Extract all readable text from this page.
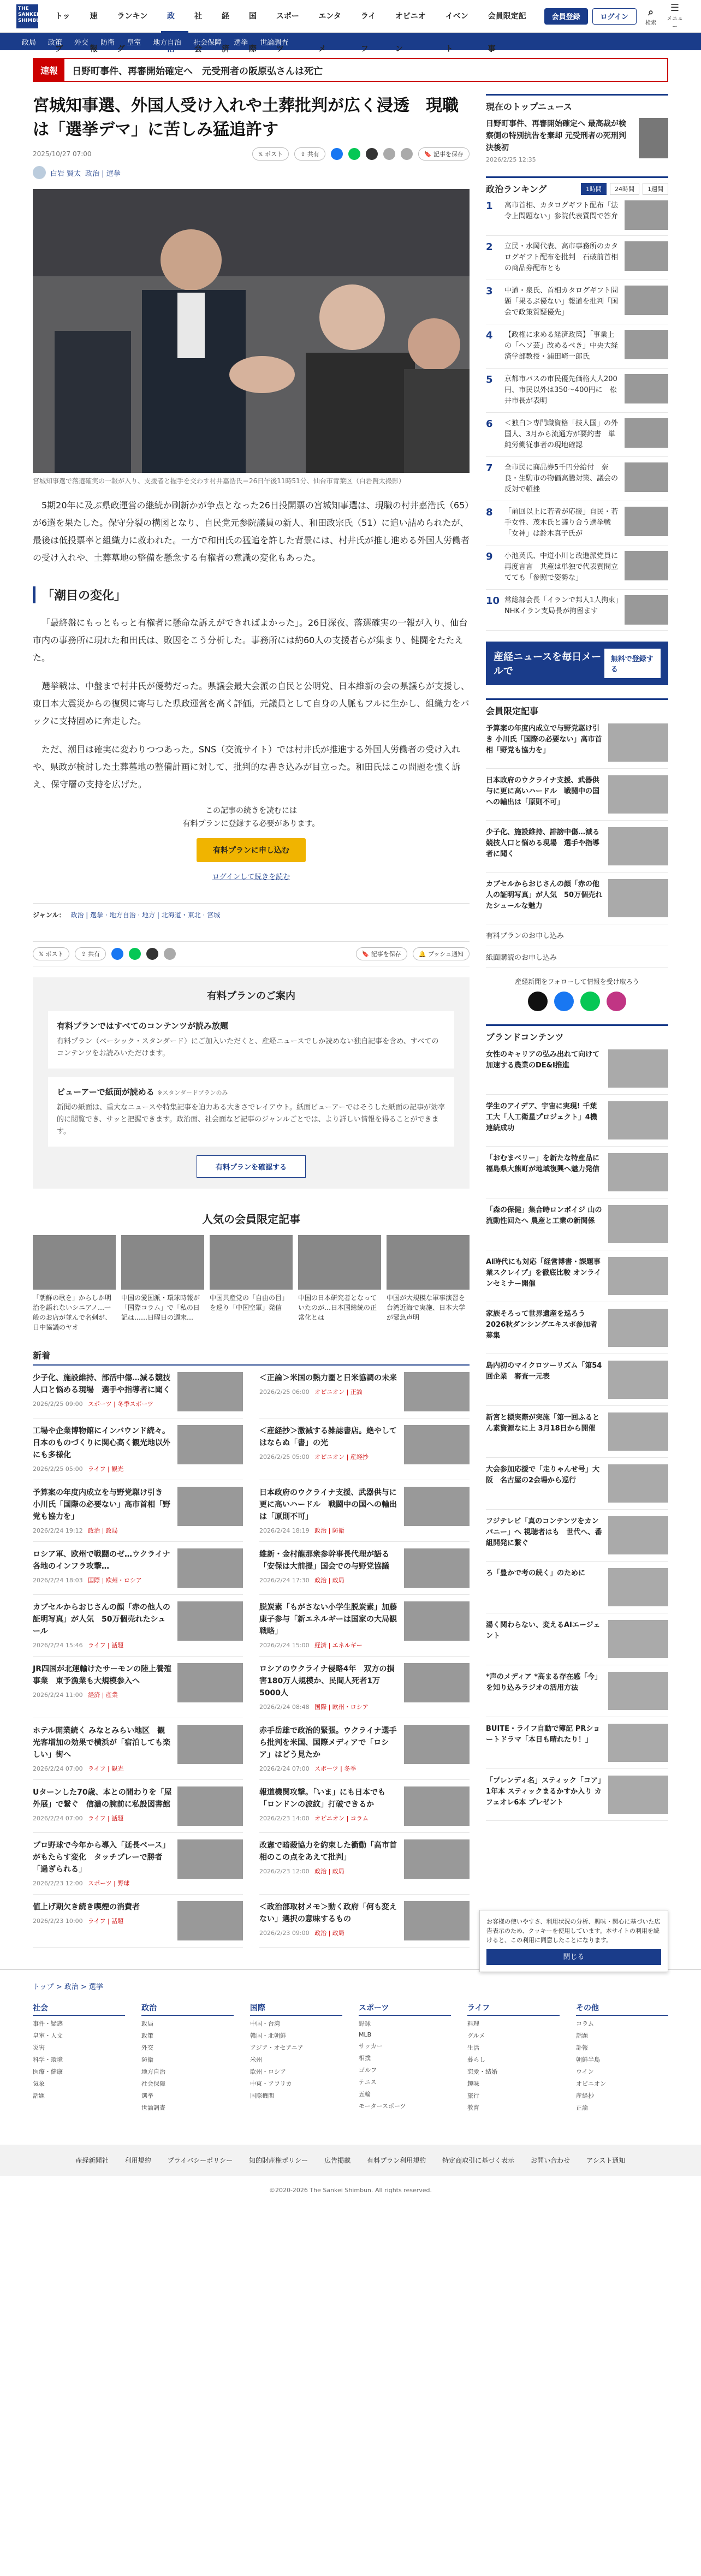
THE SANKEI SHIMBUN	トップ
速報
ランキング
政治
社会
経済
国際
スポーツ
エンタメ
ライフ
オピニオン
イベント
会員限定記事
会員登録	ログイン	⌕
検索
☰
メニュー
政局 政策 外交 防衛 皇室 地方自治 社会保障 選挙 世論調査
速報	日野町事件、再審開始確定へ　元受刑者の阪原弘さんは死亡
宮城知事選、外国人受け入れや土葬批判が広く浸透　現職は「選挙デマ」に苦しみ猛追許す
2025/10/27 07:00	𝕏 ポスト	⇪ 共有	🔖 記事を保存
白岩 賢太 政治 | 選挙

宮城知事選で落選確実の一報が入り、支援者と握手を交わす村井嘉浩氏＝26日午後11時51分、仙台市青葉区（白岩賢太撮影）

5期20年に及ぶ県政運営の継続か刷新かが争点となった26日投開票の宮城知事選は、現職の村井嘉浩氏（65）が6選を果たした。保守分裂の構図となり、自民党元参院議員の新人、和田政宗氏（51）に追い詰められたが、最後は低投票率と組織力に救われた。一方で和田氏の猛追を許した背景には、村井氏が推し進める外国人労働者の受け入れや、土葬墓地の整備を懸念する有権者の意識の変化もあった。

「潮目の変化」

「最終盤にもっともっと有権者に懸命な訴えができればよかった」。26日深夜、落選確実の一報が入り、仙台市内の事務所に現れた和田氏は、敗因をこう分析した。事務所には約60人の支援者らが集まり、健闘をたたえた。

選挙戦は、中盤まで村井氏が優勢だった。県議会最大会派の自民と公明党、日本維新の会の県議らが支援し、東日本大震災からの復興に寄与した県政運営を高く評価。元議員として自身の人脈もフルに生かし、組織力をバックに支持固めに奔走した。

ただ、潮目は確実に変わりつつあった。SNS（交流サイト）では村井氏が推進する外国人労働者の受け入れや、県政が検討した土葬墓地の整備計画に対して、批判的な書き込みが目立った。和田氏はこの問題を強く訴え、保守層の支持を広げた。

この記事の続きを読むには

有料プランに登録する必要があります。

有料プランに申し込む
ログインして続きを読む
ジャンル： 政治 | 選挙 · 地方自治 · 地方 | 北海道・東北 · 宮城
𝕏 ポスト	⇪ 共有	🔖 記事を保存	🔔 プッシュ通知
有料プランのご案内
有料プランではすべてのコンテンツが読み放題
有料プラン（ベーシック・スタンダード）にご加入いただくと、産経ニュースでしか読めない独自記事を含め、すべてのコンテンツをお読みいただけます。
ビューアーで紙面が読める ※スタンダードプランのみ
新聞の紙面は、重大なニュースや特集記事を迫力ある大きさでレイアウト。紙面ビューアーではそうした紙面の記事が効率的に閲覧でき、サッと把握できます。政治面、社会面など記事のジャンルごとでは、より詳しい情報を得ることができます。
有料プランを確認する
人気の会員限定記事
「朝鮮の歌を」からしか明治を語れないシニアノ…一般のお店が並んで名刺が、日中協議のヤオ
中国の愛国派・環球時報が「国際コラム」で「私の日記は……日曜日の週末…
中国共産党の「自由の目」を巡り「中国空軍」発信
中国の日本研究者となっていたのが…日本国総統の正常化とは
中国が大規模な軍事演習を台湾近海で実施、日本大学が緊急声明
新着
少子化、施設維持、部活中傷…減る競技人口と悩める現場　選手や指導者に聞く
2026/2/25 09:00 スポーツ | 冬季スポーツ
＜正論＞米国の熱力圏と日米協調の未来
2026/2/25 06:00 オピニオン | 正論
工場や企業博物館にインバウンド続々。日本のものづくりに関心高く観光地以外にも多様化
2026/2/25 05:00 ライフ | 観光
＜産経抄＞激減する雑誌書店。絶やしてはならぬ「書」の光
2026/2/25 05:00 オピニオン | 産経抄
予算案の年度内成立を与野党駆け引き 小川氏「国際の必要ない」高市首相「野党も協力を」
2026/2/24 19:12 政治 | 政局
日本政府のウクライナ支援、武器供与に更に高いハードル　戦闘中の国への輸出は「原則不可」
2026/2/24 18:19 政治 | 防衛
ロシア軍、欧州で戦闘のゼ…ウクライナ各地のインフラ攻撃…
2026/2/24 18:03 国際 | 欧州・ロシア
維新・金村龍那衆参幹事長代理が語る「安保は大前提」国会での与野党協議
2026/2/24 17:30 政治 | 政局
カブセルからおじさんの顔「赤の他人の証明写真」が人気　50万個売れたシュール
2026/2/24 15:46 ライフ | 話題
脱炭素「もがさない小学生脱炭素」加藤康子参与「新エネルギーは国家の大局観戦略」
2026/2/24 15:00 経済 | エネルギー
JR四国が北運輸けたサーモンの陸上養殖事業　東予漁業も大規模参入へ
2026/2/24 11:00 経済 | 産業
ロシアのウクライナ侵略4年　双方の損害180万人規模か、民間人死者1万5000人
2026/2/24 08:48 国際 | 欧州・ロシア
ホテル開業続く みなとみらい地区　観光客増加の効果で横浜が「宿泊しても楽しい」街へ
2026/2/24 07:00 ライフ | 観光
赤手岳雄で政治的緊張。ウクライナ選手ら批判を米国、国際メディアで「ロシア」はどう見たか
2026/2/24 07:00 スポーツ | 冬季
Uターンした70歳、本との間わりを「屋外展」で繋ぐ　信濃の腕前に私設図書館
2026/2/24 07:00 ライフ | 話題
報道機関攻撃。「いま」にも日本でも「ロンドンの波紋」打破できるか
2026/2/23 14:00 オピニオン | コラム
プロ野球で今年から導入「延長ベース」がもたらす変化　タッチプレーで勝者「過ぎられる」
2026/2/23 12:00 スポーツ | 野球
改憲で暗殺協力を約束した衝動「高市首相のこの点をあえて批判」
2026/2/23 12:00 政治 | 政局
値上げ期欠き続き喫煙の消費者
2026/2/23 10:00 ライフ | 話題
＜政治部取材メモ＞動く政府「何も変えない」選択の意味するもの
2026/2/23 09:00 政治 | 政局
現在のトップニュース
日野町事件、再審開始確定へ 最高裁が検察側の特別抗告を棄却 元受刑者の死刑判決後初
2026/2/25 12:35
政治ランキング	1時間	24時間	1週間
1	高市首相、カタログギフト配布「法令上問題ない」参院代表質問で答弁
2	立民・水岡代表、高市事務所のカタログギフト配布を批判　石破前首相の商品券配布とも
3	中道・泉氏、首相カタログギフト問題「果るぶ優ない」報道を批判「国会で政策質疑優先」
4	【政権に求める経済政策】「事業上の「ヘソ芸」改めるべき」中央大経済学部教授・浦田崎一郎氏
5	京都市バスの市民優先価格大人200円、市民以外は350〜400円に　松井市長が表明
6	＜独白＞専門職資格「技人国」の外国人、3月から流通方が要約書　単純労働従事者の現地確認
7	全市民に商品券5千円分給付　奈良・生駒市の物価高騰対策、議会の反対で頓挫
8	「前回以上に若者が応援」自民・若手女性、茂木氏と議り合う選挙戦「女神」は鈴木真子氏が
9	小池英氏、中道小川と改進派党員に再度言言　共産は単独で代表質問立てても「参照で姿勢な」
10 常総部会長「イランで邦人1人拘束」NHKイラン支局長が拘留ます
産経ニュースを毎日メールで
無料で登録する
会員限定記事
予算案の年度内成立で与野党駆け引き 小川氏「国際の必要ない」高市首相「野党も協力を」
日本政府のウクライナ支援、武器供与に更に高いハードル　戦闘中の国への輸出は「原則不可」
少子化、施設維持、誹謗中傷…減る競技人口と悩める現場　選手や指導者に聞く
カブセルからおじさんの顔「赤の他人の証明写真」が人気　50万個売れたシュールな魅力
有料プランのお申し込み
紙面購読のお申し込み
産経新聞をフォローして情報を受け取ろう
ブランドコンテンツ
女性のキャリアの弘み出れて向けて 加速する農業のDE&I推進
学生のアイデア、宇宙に実現! 千葉工大「人工衛星プロジェクト」4機連続成功
「おむまベリー」を新たな特産品に　福島県大熊町が地域復興へ魅力発信
「森の保健」集合時ロンポイジ 山の流動性回たへ 農産と工業の新関係
AI時代にも対応「経営博書・課題事業スクレイプ」を徹底比較 オンラインセミナー開催
家族そろって世界遺産を巡ろう　2026秋ダンシングエキスポ参加者募集
島内初のマイクロツーリズム「第54回企業　審査一元表
新宮と標実際が実施「第一回ふるとん素資源なに上 3月18日から開催
大会参加応援で「走りゃんせ号」大阪　名古屋の2会場から巡行
フジテレビ「真のコンテンツをカンパニー」へ 視聴者はも　世代へ、番組開発に繋ぐ
ろ「豊かで考の続く」のために
湯く関わらない、変えるAIエージェント
*声のメディア *高まる存在感「今」を知り込みラジオの活用方法
BUITE・ライフ自動で簿記 PRショートドラマ「本日も晴れたり！」
「プレンディ名」スティック「コア」1年本 スティックまるかすか入り カフェオレ6本 プレゼント
トップ > 政治 > 選挙
社会
事件・疑惑
皇室・人文
災害
科学・環境
医療・健康
気象
話題
政治
政局
政策
外交
防衛
地方自治
社会保障
選挙
世論調査
国際
中国・台湾
韓国・北朝鮮
アジア・オセアニア
米州
欧州・ロシア
中東・アフリカ
国際機関
スポーツ
野球
MLB
サッカー
相撲
ゴルフ
テニス
五輪
モータースポーツ
ライフ
料理
グルメ
生活
暮らし
恋愛・結婚
趣味
旅行
教育
その他
コラム
話題
訃報
朝鮮半島
ウイン
オピニオン
産経抄
正論
産経新聞社	利用規約	プライバシーポリシー	知的財産権ポリシー	広告掲載	有料プラン利用規約	特定商取引に基づく表示	お問い合わせ	アシスト通知
©2020-2026 The Sankei Shimbun. All rights reserved.
お客様の使いやすさ、利用状況の分析、興味・関心に基づいた広告表示のため、クッキーを使用しています。本サイトの利用を続けると、この利用に同意したことになります。
閉じる
